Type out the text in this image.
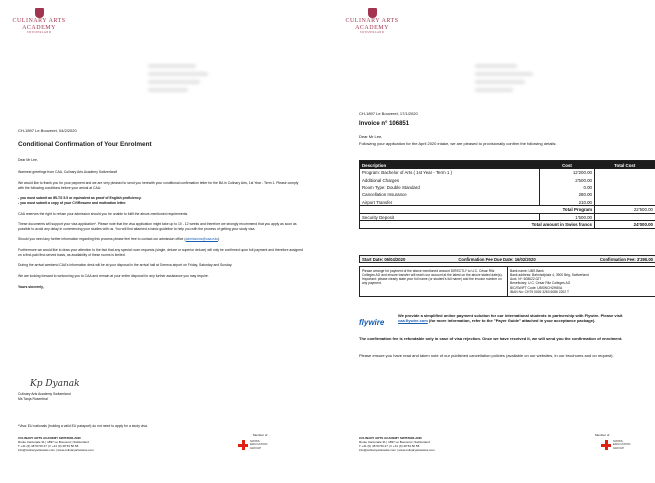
CULINARY ARTS
ACADEMY
SWITZERLAND
CH-1897 Le Bouveret, 04/2/2020
Conditional Confirmation of Your Enrolment
Dear Mr Lee,
Warmest greetings from CAA, Culinary Arts Academy Switzerland!
We would like to thank you for your payment and we are very pleased to send you herewith your conditional confirmation letter for the BA in Culinary Arts, 1st Year - Term 1. Please comply with the following conditions before your arrival at CAA:
- you must submit an IELTS 5.5 or equivalent as proof of English proficiency.
- you must submit a copy of your CV/Resume and motivation letter.
CAA reserves the right to refuse your admission should you be unable to fulfil the above-mentioned requirements.
These documents will support your visa application*. Please note that the visa application might take up to 10 - 12 weeks and therefore we strongly recommend that you apply as soon as possible to avoid any delay in commencing your studies with us. You will find attached a basic guideline to help you with the process of getting your study visa.
Should you need any further information regarding this process please feel free to contact our admission office (admissions@caa.edu).
Furthermore we would like to draw your attention to the fact that any special room requests (single, deluxe or superior deluxe) will only be confirmed upon full payment and therefore assigned on a first-paid first-served basis, as availability of these rooms is limited.
During the arrival weekend CAA's information desk will be at your disposal in the arrival hall at Geneva airport on Friday, Saturday and Sunday.
We are looking forward to welcoming you to CAA and remain at your entire disposal for any further assistance you may require.
Yours sincerely,
Kp Dyanak
Culinary Arts Academy Switzerland
Ms Tanja Rosenthal
*Visa: EU nationals (holding a valid EU passport) do not need to apply for a study visa.
CULINARY ARTS ACADEMY SWITZERLAND
Route Cantonale 31 | 1897 Le Bouveret | Switzerland
T +41 (0) 48 53 50 27 | F +41 (0) 48 53 50 58
info@culinaryartsswiss.com | www.culinaryartsswiss.com
Member of
SWISS
EDUCATION
GROUP
CULINARY ARTS
ACADEMY
SWITZERLAND
CH-1897 Le Bouveret, 17/1/2020
Invoice n° 106851
Dear Mr Lee,
Following your application for the April 2020 intake, we are pleased to provisionally confirm the following details:
Description	Cost	Total Cost
Program: Bachelor of Arts ( 1st Year - Term 1 )	12'200.00	
Additional Charges	2'500.00	
Room Type: Double Standard	0.00	
Cancellation Insurance	280.00	
Airport Transfer	210.00	
	Total Program	22'500.00
Security Deposit	1'500.00	
Total amount in Swiss francs		24'000.00
Start Date: 06/04/2020	Confirmation Fee Due Date: 16/02/2020	Confirmation Fee: 3'290.00
Please arrange for payment of the above mentioned amount DIRECTLY to U.C. César Ritz Colleges AG and ensure transfer will reach our account at the latest on the above stated date(s). Important: please clearly state your full name (or student's full name) and the invoice number on any payment.	
Bank name: UBS Bank
Bank address: Bahnhofplatz 4, 3900 Brig, Switzerland
Acct. Nº: 608622.02T
Beneficiary: U.C. César Ritz Colleges AG
BIC/SWIFT Code: UBSWCHZH80A
IBAN No: CH79 0026 3263 6086 2202 T
flywire
We provide a simplified online payment solution for our international students in partnership with Flywire. Please visit caa.flywire.com (for more information, refer to the "Payer Guide" attached in your acceptance package).
The confirmation fee is refundable only in case of visa rejection. Once we have received it, we will send you the confirmation of enrolment.
Please ensure you have read and taken note of our published cancellation policies (available on our websites, in our brochures and on request).
CULINARY ARTS ACADEMY SWITZERLAND
Route Cantonale 31 | 1897 Le Bouveret | Switzerland
T +41 (0) 48 53 50 27 | F +41 (0) 48 53 50 58
info@culinaryartsswiss.com | www.culinaryartsswiss.com
Member of
SWISS
EDUCATION
GROUP
